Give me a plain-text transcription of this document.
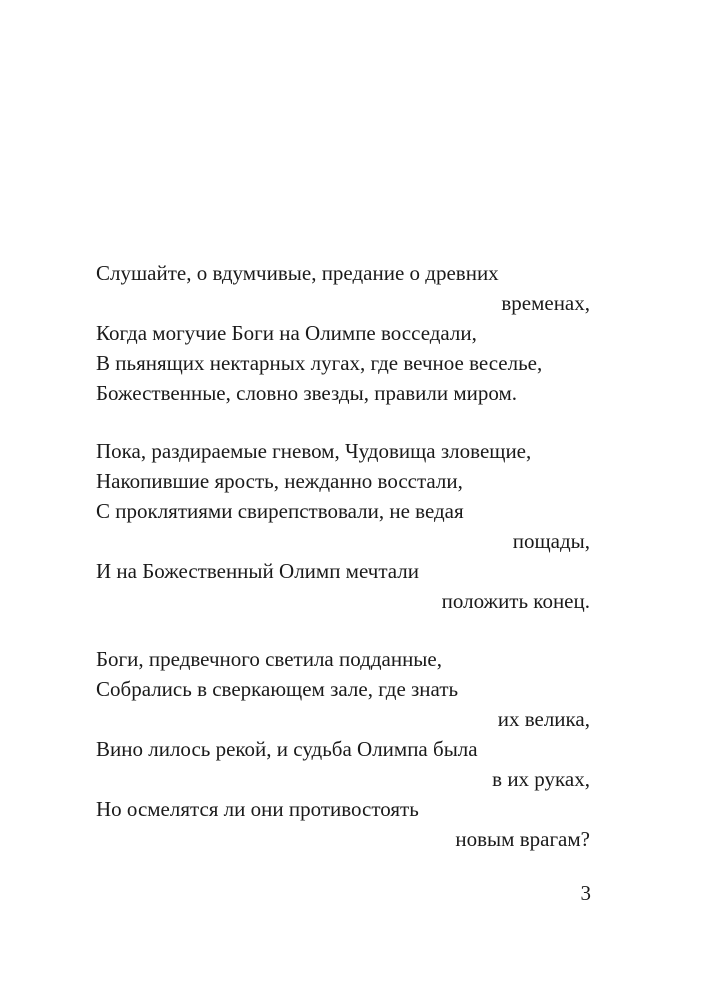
Слушайте, о вдумчивые, предание о древних
временах,
Когда могучие Боги на Олимпе восседали,
В пьянящих нектарных лугах, где вечное веселье,
Божественные, словно звезды, правили миром.
Пока, раздираемые гневом, Чудовища зловещие,
Накопившие ярость, нежданно восстали,
С проклятиями свирепствовали, не ведая
пощады,
И на Божественный Олимп мечтали
положить конец.
Боги, предвечного светила подданные,
Собрались в сверкающем зале, где знать
их велика,
Вино лилось рекой, и судьба Олимпа была
в их руках,
Но осмелятся ли они противостоять
новым врагам?
3
